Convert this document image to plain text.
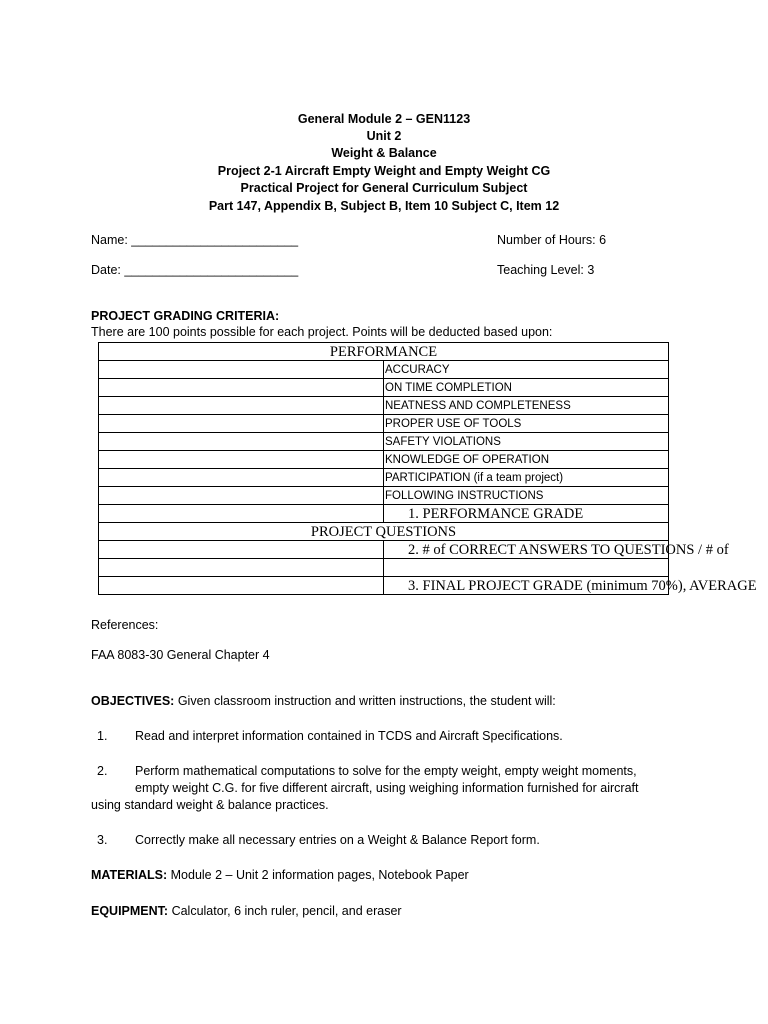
General Module 2 – GEN1123
Unit 2
Weight & Balance
Project 2-1 Aircraft Empty Weight and Empty Weight CG
Practical Project for General Curriculum Subject
Part 147, Appendix B, Subject B, Item 10 Subject C, Item 12
Name: ________________________	Number of Hours: 6
Date: _________________________	Teaching Level: 3
PROJECT GRADING CRITERIA:
There are 100 points possible for each project. Points will be deducted based upon:
PERFORMANCE	
	ACCURACY
	ON TIME COMPLETION
	NEATNESS AND COMPLETENESS
	PROPER USE OF TOOLS
	SAFETY VIOLATIONS
	KNOWLEDGE OF OPERATION
	PARTICIPATION (if a team project)
	FOLLOWING INSTRUCTIONS
	1. PERFORMANCE GRADE
PROJECT QUESTIONS	
	2. # of CORRECT ANSWERS TO QUESTIONS / # of

	3. FINAL PROJECT GRADE (minimum 70%), AVERAGE
References:
FAA 8083-30 General Chapter 4
OBJECTIVES: Given classroom instruction and written instructions, the student will:
1. Read and interpret information contained in TCDS and Aircraft Specifications.
2. Perform mathematical computations to solve for the empty weight, empty weight moments,
empty weight C.G. for five different aircraft, using weighing information furnished for aircraft
using standard weight & balance practices.
3. Correctly make all necessary entries on a Weight & Balance Report form.
MATERIALS: Module 2 – Unit 2 information pages, Notebook Paper
EQUIPMENT: Calculator, 6 inch ruler, pencil, and eraser
